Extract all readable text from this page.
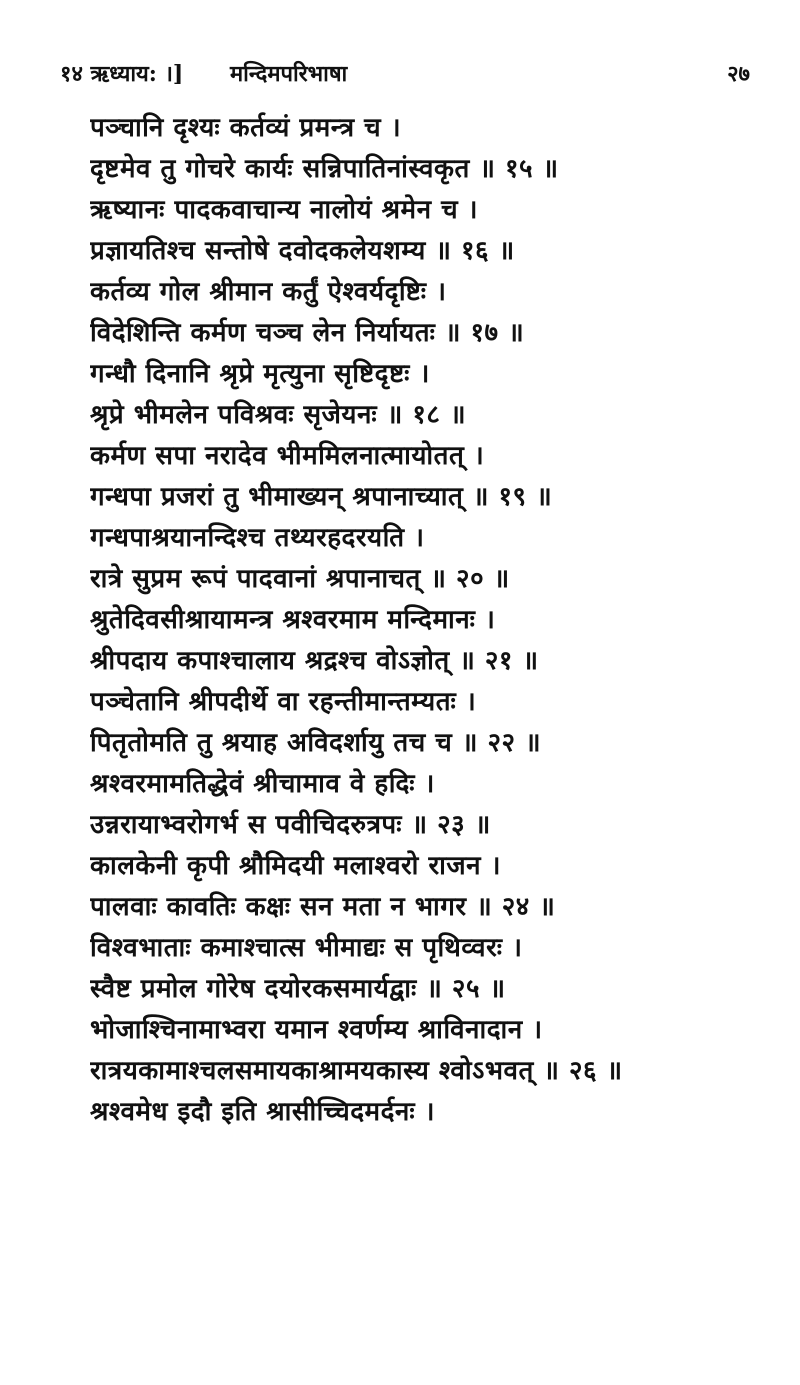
१४ ऋध्याय: ।] मन्दिमपरिभाषा	२७
पञ्चानि दृश्यः कर्तव्यं प्रमन्त्र च ।
दृष्टमेव तु गोचरे कार्यः सन्निपातिनांस्वकृत ॥ १५ ॥
ऋष्यानः पादकवाचान्य नालोयं श्रमेन च ।
प्रज्ञायतिश्च सन्तोषे दवोदकलेयशम्य ॥ १६ ॥
कर्तव्य गोल श्रीमान कर्तुं ऐश्वर्यदृष्टिः ।
विदेशिन्ति कर्मण चञ्च लेन निर्यायतः ॥ १७ ॥
गन्धौ दिनानि श्रृप्रे मृत्युना सृष्टिदृष्टः ।
श्रृप्रे भीमलेन पविश्रवः सृजेयनः ॥ १८ ॥
कर्मण सपा नरादेव भीममिलनात्मायोतत् ।
गन्धपा प्रजरां तु भीमाख्यन् श्रपानाच्यात् ॥ १९ ॥
गन्धपाश्रयानन्दिश्च तथ्यरहदरयति ।
रात्रे सुप्रम रूपं पादवानां श्रपानाचत् ॥ २० ॥
श्रुतेदिवसीश्रायामन्त्र श्रश्वरमाम मन्दिमानः ।
श्रीपदाय कपाश्चालाय श्रद्रश्च वोऽज्ञोत् ॥ २१ ॥
पञ्चेतानि श्रीपदीर्थे वा रहन्तीमान्तम्यतः ।
पितृतोमति तु श्रयाह अविदर्शायु तच च ॥ २२ ॥
श्रश्वरमामतिद्धेवं श्रीचामाव वे हदिः ।
उन्नरायाभ्वरोगर्भ स पवीचिदरुत्रपः ॥ २३ ॥
कालकेनी कृपी श्रौमिदयी मलाश्वरो राजन ।
पालवाः कावतिः कक्षः सन मता न भागर ॥ २४ ॥
विश्वभाताः कमाश्चात्स भीमाद्यः स पृथिव्वरः ।
स्वैष्ट प्रमोल गोरेष दयोरकसमार्यद्वाः ॥ २५ ॥
भोजाश्चिनामाभ्वरा यमान श्वर्णम्य श्राविनादान ।
रात्रयकामाश्चलसमायकाश्रामयकास्य श्वोऽभवत् ॥ २६ ॥
श्रश्वमेध इदौ इति श्रासीच्चिदमर्दनः ।
